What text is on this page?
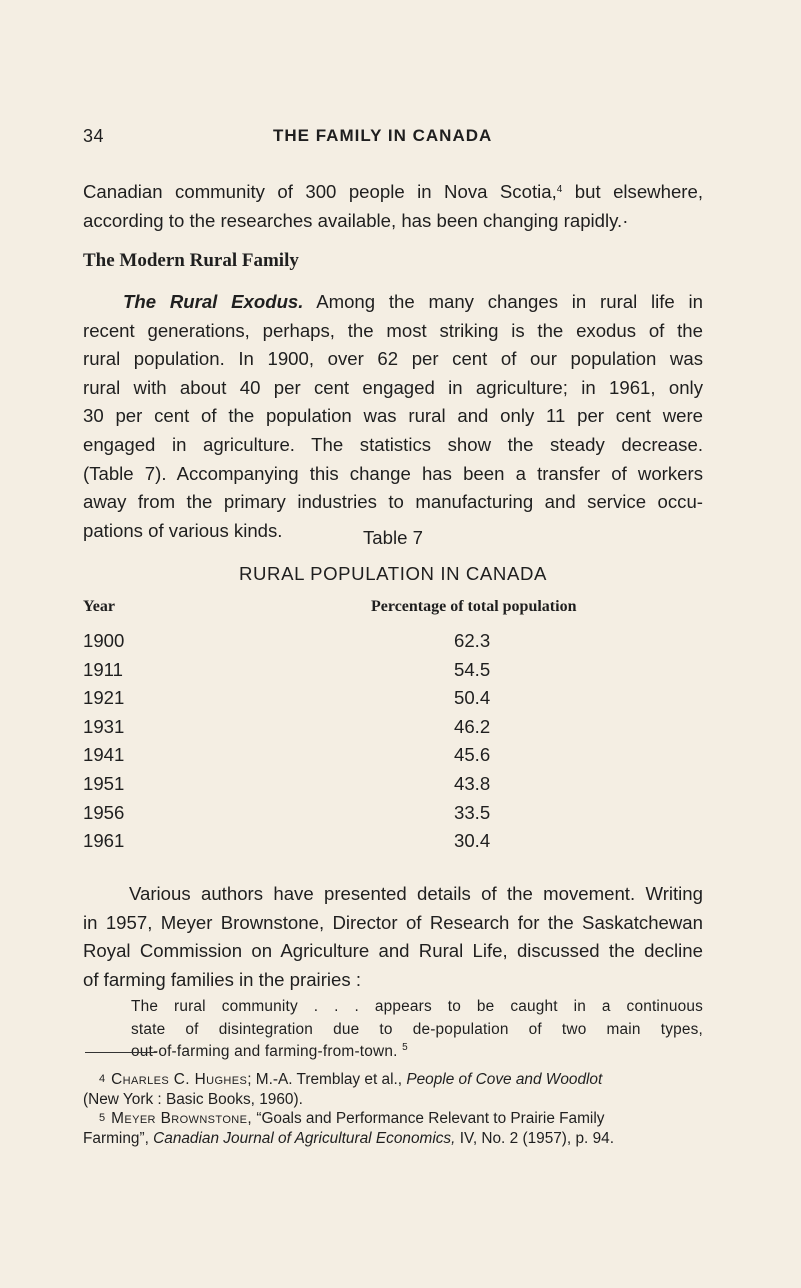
34	THE FAMILY IN CANADA
Canadian community of 300 people in Nova Scotia,$^4$ but elsewhere,
according to the researches available, has been changing rapidly.·
The Modern Rural Family
The Rural Exodus. Among the many changes in rural life in
recent generations, perhaps, the most striking is the exodus of the
rural population. In 1900, over 62 per cent of our population was
rural with about 40 per cent engaged in agriculture; in 1961, only
30 per cent of the population was rural and only 11 per cent were
engaged in agriculture. The statistics show the steady decrease.
(Table 7). Accompanying this change has been a transfer of workers
away from the primary industries to manufacturing and service occu-
pations of various kinds.	Table 7
RURAL POPULATION IN CANADA
Year	Percentage of total population
1900	62.3
1911	54.5
1921	50.4
1931	46.2
1941	45.6
1951	43.8
1956	33.5
1961	30.4
Various authors have presented details of the movement. Writing
in 1957, Meyer Brownstone, Director of Research for the Saskatchewan
Royal Commission on Agriculture and Rural Life, discussed the decline
of farming families in the prairies :
The rural community . . . appears to be caught in a continuous
state of disintegration due to de-population of two main types,
out-of-farming and farming-from-town. $^5$
4 Charles C. Hughes; M.-A. Tremblay et al., People of Cove and Woodlot
(New York : Basic Books, 1960).
5 Meyer Brownstone, “Goals and Performance Relevant to Prairie Family
Farming”, Canadian Journal of Agricultural Economics, IV, No. 2 (1957), p. 94.
